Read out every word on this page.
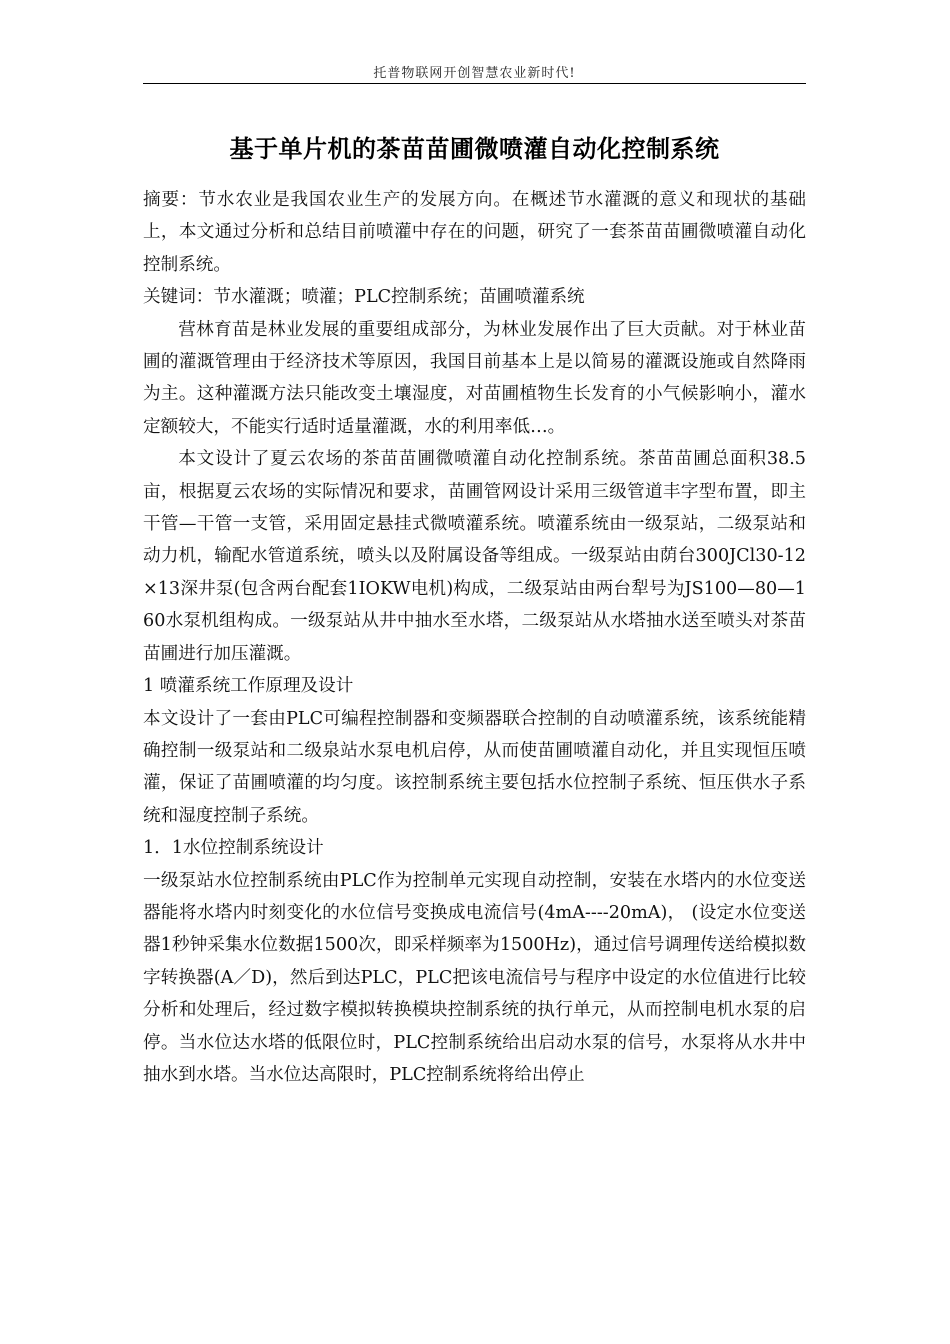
托普物联网开创智慧农业新时代!
基于单片机的茶苗苗圃微喷灌自动化控制系统

摘要：节水农业是我国农业生产的发展方向。在概述节水灌溉的意义和现状的基础上，本文通过分析和总结目前喷灌中存在的问题，研究了一套茶苗苗圃微喷灌自动化控制系统。

关键词：节水灌溉；喷灌；PLC控制系统；苗圃喷灌系统

营林育苗是林业发展的重要组成部分，为林业发展作出了巨大贡献。对于林业苗圃的灌溉管理由于经济技术等原因，我国目前基本上是以简易的灌溉设施或自然降雨为主。这种灌溉方法只能改变土壤湿度，对苗圃植物生长发育的小气候影响小，灌水定额较大，不能实行适时适量灌溉，水的利用率低…。

本文设计了夏云农场的茶苗苗圃微喷灌自动化控制系统。茶苗苗圃总面积38.5亩，根据夏云农场的实际情况和要求，苗圃管网设计采用三级管道丰字型布置，即主干管—干管一支管，采用固定悬挂式微喷灌系统。喷灌系统由一级泵站，二级泵站和动力机，输配水管道系统，喷头以及附属设备等组成。一级泵站由荫台300JCl30-12×13深井泵(包含两台配套1IOKW电机)构成，二级泵站由两台犁号为JS100—80—160水泵机组构成。一级泵站从井中抽水至水塔，二级泵站从水塔抽水送至喷头对茶苗苗圃进行加压灌溉。

1 喷灌系统工作原理及设计

本文设计了一套由PLC可编程控制器和变频器联合控制的自动喷灌系统，该系统能精确控制一级泵站和二级泉站水泵电机启停，从而使苗圃喷灌自动化，并且实现恒压喷灌，保证了苗圃喷灌的均匀度。该控制系统主要包括水位控制子系统、恒压供水子系统和湿度控制子系统。

1．1水位控制系统设计

一级泵站水位控制系统由PLC作为控制单元实现自动控制，安装在水塔内的水位变送器能将水塔内时刻变化的水位信号变换成电流信号(4mA----20mA)， (设定水位变送器1秒钟采集水位数据1500次，即采样频率为1500Hz)，通过信号调理传送给模拟数字转换器(A／D)，然后到达PLC，PLC把该电流信号与程序中设定的水位值进行比较分析和处理后，经过数字模拟转换模块控制系统的执行单元，从而控制电机水泵的启停。当水位达水塔的低限位时，PLC控制系统给出启动水泵的信号，水泵将从水井中抽水到水塔。当水位达高限时，PLC控制系统将给出停止
